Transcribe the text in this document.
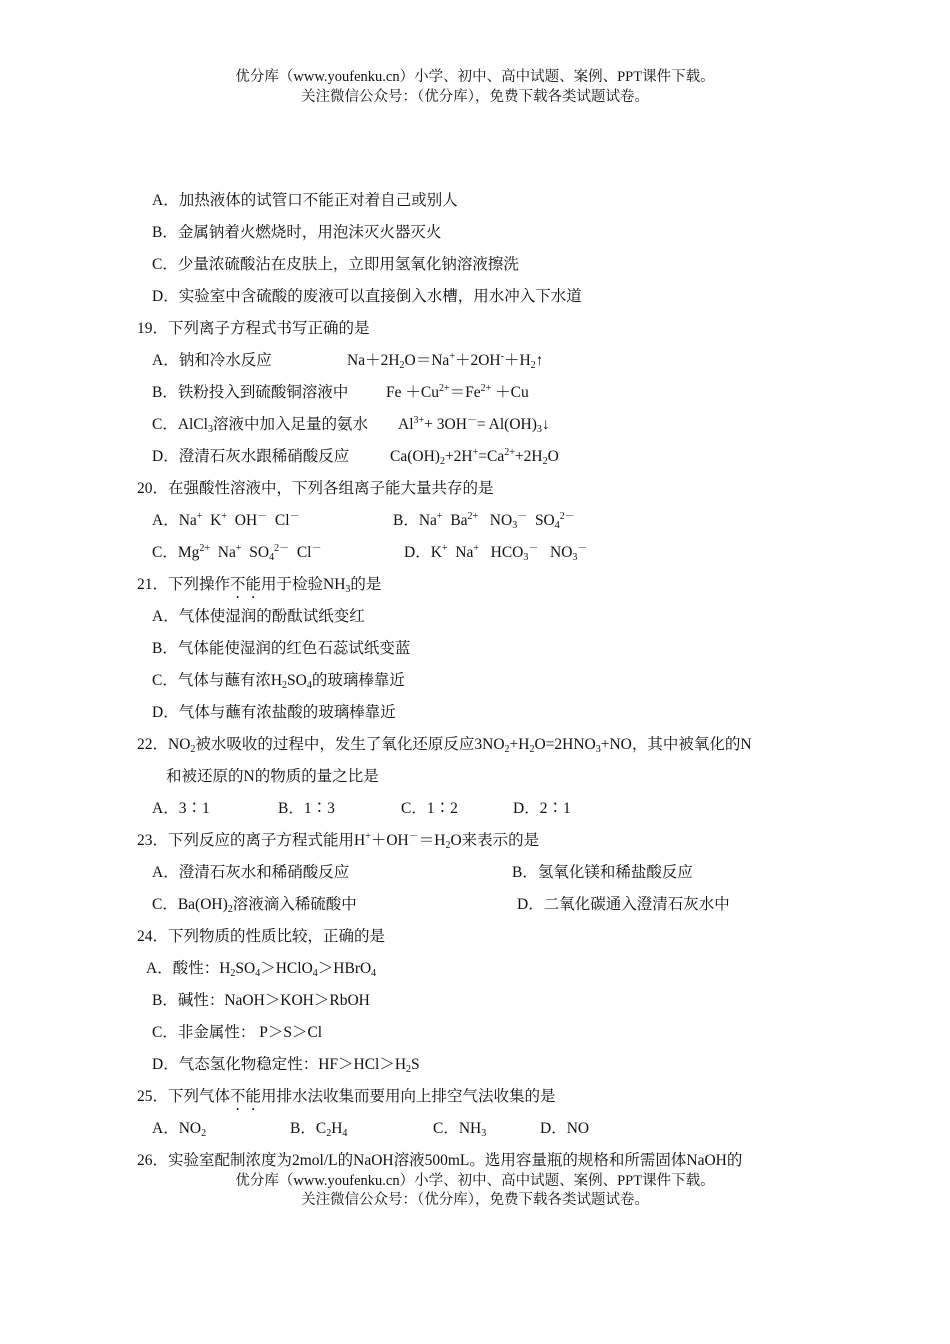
优分库（www.youfenku.cn）小学、初中、高中试题、案例、PPT课件下载。
关注微信公众号：（优分库），免费下载各类试题试卷。
A．加热液体的试管口不能正对着自己或别人
B．金属钠着火燃烧时，用泡沫灭火器灭火
C．少量浓硫酸沾在皮肤上，立即用氢氧化钠溶液擦洗
D．实验室中含硫酸的废液可以直接倒入水槽，用水冲入下水道
19．下列离子方程式书写正确的是
A．钠和冷水反应	$Na+2H_2O=Na^++2OH^-+H_2↑$
B．铁粉投入到硫酸铜溶液中 $Fe +Cu^{2+}=Fe^{2+} +Cu$
C．AlCl$_3$溶液中加入足量的氨水 $Al^{3+}+ 3OH^-=$ $Al(OH)_3↓$
D．澄清石灰水跟稀硝酸反应	$Ca(OH)_2+2H^+=Ca^{2+}+2H_2O$
20．在强酸性溶液中，下列各组离子能大量共存的是
A．Na+  K+  OH－  Cl－	B．Na+  $Ba^{2+}$   $NO_3^-$  $SO_4^{2-}$
C．$Mg^{2+}$  Na+  $SO_4^{2-}$  Cl－	D．K+  Na+   $HCO_3^-$   $NO_3^-$
21．下列操作不能用于检验$NH_3$的是
A．气体使湿润的酚酞试纸变红
B．气体能使湿润的红色石蕊试纸变蓝
C．气体与蘸有浓$H_2SO_4$的玻璃棒靠近
D．气体与蘸有浓盐酸的玻璃棒靠近
22．$NO_2$被水吸收的过程中，发生了氧化还原反应$3NO_2+H_2O=2HNO_3+NO$，其中被氧化的N
和被还原的N的物质的量之比是
A．3∶1	B．1∶3	C．1∶2	D．2∶1
23．下列反应的离子方程式能用$H^++OH^-=H_2O$来表示的是
A．澄清石灰水和稀硝酸反应	B．氢氧化镁和稀盐酸反应
C．$Ba(OH)_2$溶液滴入稀硫酸中	D．二氧化碳通入澄清石灰水中
24．下列物质的性质比较，正确的是
A．酸性：$H_2SO_4>HClO_4>HBrO_4$
B．碱性：NaOH＞KOH＞RbOH
C．非金属性： P＞S＞Cl
D．气态氢化物稳定性：$HF>HCl>H_2S$
25．下列气体不能用排水法收集而要用向上排空气法收集的是
A．$NO_2$	B．$C_2H_4$	C．$NH_3$	D．NO
26．实验室配制浓度为2mol/L的NaOH溶液500mL。选用容量瓶的规格和所需固体NaOH的
优分库（www.youfenku.cn）小学、初中、高中试题、案例、PPT课件下载。
关注微信公众号：（优分库），免费下载各类试题试卷。
